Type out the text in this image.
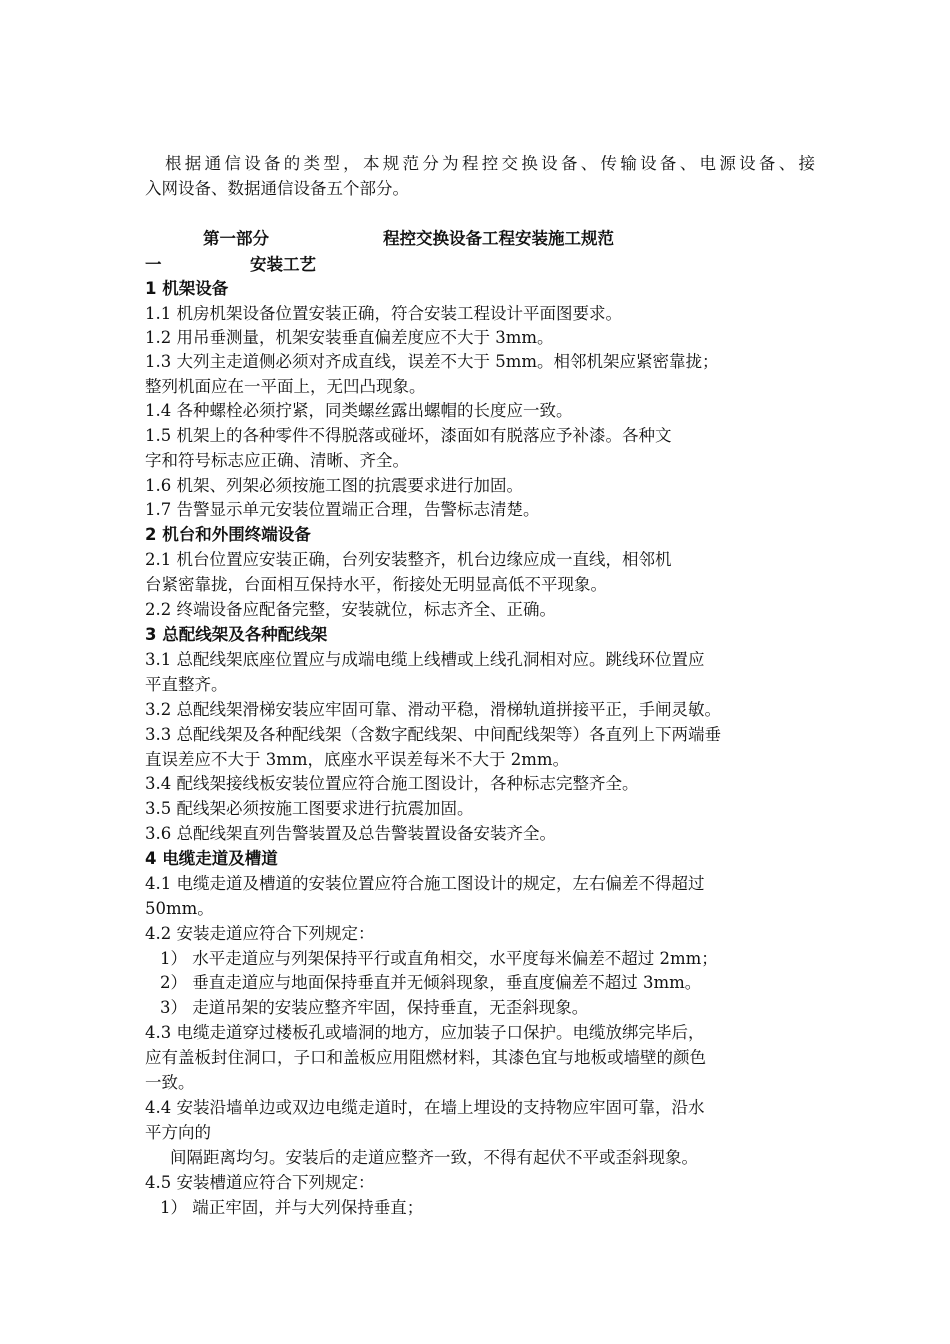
根据通信设备的类型，本规范分为程控交换设备、传输设备、电源设备、接
入网设备、数据通信设备五个部分。
第一部分	程控交换设备工程安装施工规范
一	安装工艺
1 机架设备
1.1 机房机架设备位置安装正确，符合安装工程设计平面图要求。
1.2 用吊垂测量，机架安装垂直偏差度应不大于 3mm。
1.3 大列主走道侧必须对齐成直线，误差不大于 5mm。相邻机架应紧密靠拢；
整列机面应在一平面上，无凹凸现象。
1.4 各种螺栓必须拧紧，同类螺丝露出螺帽的长度应一致。
1.5 机架上的各种零件不得脱落或碰坏，漆面如有脱落应予补漆。各种文
字和符号标志应正确、清晰、齐全。
1.6 机架、列架必须按施工图的抗震要求进行加固。
1.7 告警显示单元安装位置端正合理，告警标志清楚。
2 机台和外围终端设备
2.1 机台位置应安装正确，台列安装整齐，机台边缘应成一直线，相邻机
台紧密靠拢，台面相互保持水平，衔接处无明显高低不平现象。
2.2 终端设备应配备完整，安装就位，标志齐全、正确。
3 总配线架及各种配线架
3.1 总配线架底座位置应与成端电缆上线槽或上线孔洞相对应。跳线环位置应
平直整齐。
3.2 总配线架滑梯安装应牢固可靠、滑动平稳，滑梯轨道拼接平正，手闸灵敏。
3.3 总配线架及各种配线架（含数字配线架、中间配线架等）各直列上下两端垂
直误差应不大于 3mm，底座水平误差每米不大于 2mm。
3.4 配线架接线板安装位置应符合施工图设计，各种标志完整齐全。
3.5 配线架必须按施工图要求进行抗震加固。
3.6 总配线架直列告警装置及总告警装置设备安装齐全。
4 电缆走道及槽道
4.1 电缆走道及槽道的安装位置应符合施工图设计的规定，左右偏差不得超过
50mm。
4.2 安装走道应符合下列规定：
1） 水平走道应与列架保持平行或直角相交，水平度每米偏差不超过 2mm；
2） 垂直走道应与地面保持垂直并无倾斜现象，垂直度偏差不超过 3mm。
3） 走道吊架的安装应整齐牢固，保持垂直，无歪斜现象。
4.3 电缆走道穿过楼板孔或墙洞的地方，应加装子口保护。电缆放绑完毕后，
应有盖板封住洞口，子口和盖板应用阻燃材料，其漆色宜与地板或墙壁的颜色
一致。
4.4 安装沿墙单边或双边电缆走道时，在墙上埋设的支持物应牢固可靠，沿水
平方向的
间隔距离均匀。安装后的走道应整齐一致，不得有起伏不平或歪斜现象。
4.5 安装槽道应符合下列规定：
1） 端正牢固，并与大列保持垂直；
